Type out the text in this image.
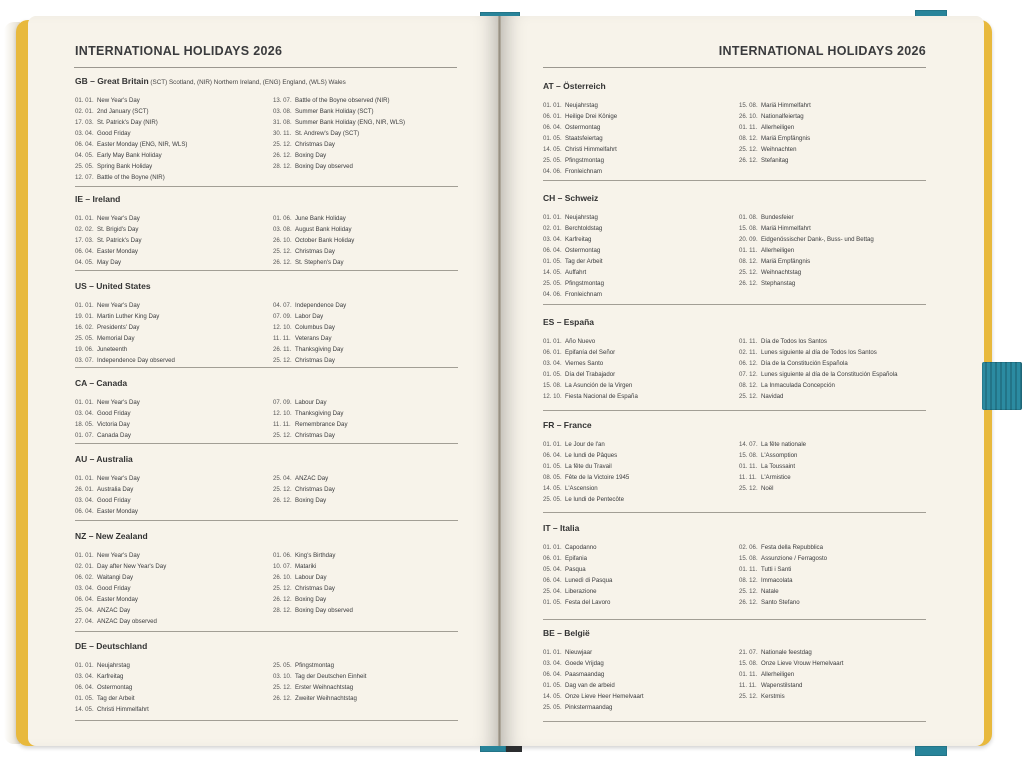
INTERNATIONAL HOLIDAYS 2026	INTERNATIONAL HOLIDAYS 2026
GB – Great Britain (SCT) Scotland, (NIR) Northern Ireland, (ENG) England, (WLS) Wales
01. 01. New Year's Day
02. 01. 2nd January (SCT)
17. 03. St. Patrick's Day (NIR)
03. 04. Good Friday
06. 04. Easter Monday (ENG, NIR, WLS)
04. 05. Early May Bank Holiday
25. 05. Spring Bank Holiday
12. 07. Battle of the Boyne (NIR)
13. 07. Battle of the Boyne observed (NIR)
03. 08. Summer Bank Holiday (SCT)
31. 08. Summer Bank Holiday (ENG, NIR, WLS)
30. 11. St. Andrew's Day (SCT)
25. 12. Christmas Day
26. 12. Boxing Day
28. 12. Boxing Day observed
IE – Ireland
01. 01. New Year's Day
02. 02. St. Brigid's Day
17. 03. St. Patrick's Day
06. 04. Easter Monday
04. 05. May Day
01. 06. June Bank Holiday
03. 08. August Bank Holiday
26. 10. October Bank Holiday
25. 12. Christmas Day
26. 12. St. Stephen's Day
US – United States
01. 01. New Year's Day
19. 01. Martin Luther King Day
16. 02. Presidents' Day
25. 05. Memorial Day
19. 06. Juneteenth
03. 07. Independence Day observed
04. 07. Independence Day
07. 09. Labor Day
12. 10. Columbus Day
11. 11. Veterans Day
26. 11. Thanksgiving Day
25. 12. Christmas Day
CA – Canada
01. 01. New Year's Day
03. 04. Good Friday
18. 05. Victoria Day
01. 07. Canada Day
07. 09. Labour Day
12. 10. Thanksgiving Day
11. 11. Remembrance Day
25. 12. Christmas Day
AU – Australia
01. 01. New Year's Day
26. 01. Australia Day
03. 04. Good Friday
06. 04. Easter Monday
25. 04. ANZAC Day
25. 12. Christmas Day
26. 12. Boxing Day
NZ – New Zealand
01. 01. New Year's Day
02. 01. Day after New Year's Day
06. 02. Waitangi Day
03. 04. Good Friday
06. 04. Easter Monday
25. 04. ANZAC Day
27. 04. ANZAC Day observed
01. 06. King's Birthday
10. 07. Matariki
26. 10. Labour Day
25. 12. Christmas Day
26. 12. Boxing Day
28. 12. Boxing Day observed
DE – Deutschland
01. 01. Neujahrstag
03. 04. Karfreitag
06. 04. Ostermontag
01. 05. Tag der Arbeit
14. 05. Christi Himmelfahrt
25. 05. Pfingstmontag
03. 10. Tag der Deutschen Einheit
25. 12. Erster Weihnachtstag
26. 12. Zweiter Weihnachtstag
AT – Österreich
01. 01. Neujahrstag
06. 01. Heilige Drei Könige
06. 04. Ostermontag
01. 05. Staatsfeiertag
14. 05. Christi Himmelfahrt
25. 05. Pfingstmontag
04. 06. Fronleichnam
15. 08. Mariä Himmelfahrt
26. 10. Nationalfeiertag
01. 11. Allerheiligen
08. 12. Mariä Empfängnis
25. 12. Weihnachten
26. 12. Stefanitag
CH – Schweiz
01. 01. Neujahrstag
02. 01. Berchtoldstag
03. 04. Karfreitag
06. 04. Ostermontag
01. 05. Tag der Arbeit
14. 05. Auffahrt
25. 05. Pfingstmontag
04. 06. Fronleichnam
01. 08. Bundesfeier
15. 08. Mariä Himmelfahrt
20. 09. Eidgenössischer Dank-, Buss- und Bettag
01. 11. Allerheiligen
08. 12. Mariä Empfängnis
25. 12. Weihnachtstag
26. 12. Stephanstag
ES – España
01. 01. Año Nuevo
06. 01. Epifanía del Señor
03. 04. Viernes Santo
01. 05. Día del Trabajador
15. 08. La Asunción de la Virgen
12. 10. Fiesta Nacional de España
01. 11. Día de Todos los Santos
02. 11. Lunes siguiente al día de Todos los Santos
06. 12. Día de la Constitución Española
07. 12. Lunes siguiente al día de la Constitución Española
08. 12. La Inmaculada Concepción
25. 12. Navidad
FR – France
01. 01. Le Jour de l'an
06. 04. Le lundi de Pâques
01. 05. La fête du Travail
08. 05. Fête de la Victoire 1945
14. 05. L'Ascension
25. 05. Le lundi de Pentecôte
14. 07. La fête nationale
15. 08. L'Assomption
01. 11. La Toussaint
11. 11. L'Armistice
25. 12. Noël
IT – Italia
01. 01. Capodanno
06. 01. Epifania
05. 04. Pasqua
06. 04. Lunedì di Pasqua
25. 04. Liberazione
01. 05. Festa del Lavoro
02. 06. Festa della Repubblica
15. 08. Assunzione / Ferragosto
01. 11. Tutti i Santi
08. 12. Immacolata
25. 12. Natale
26. 12. Santo Stefano
BE – België
01. 01. Nieuwjaar
03. 04. Goede Vrijdag
06. 04. Paasmaandag
01. 05. Dag van de arbeid
14. 05. Onze Lieve Heer Hemelvaart
25. 05. Pinkstermaandag
21. 07. Nationale feestdag
15. 08. Onze Lieve Vrouw Hemelvaart
01. 11. Allerheiligen
11. 11. Wapenstilstand
25. 12. Kerstmis
